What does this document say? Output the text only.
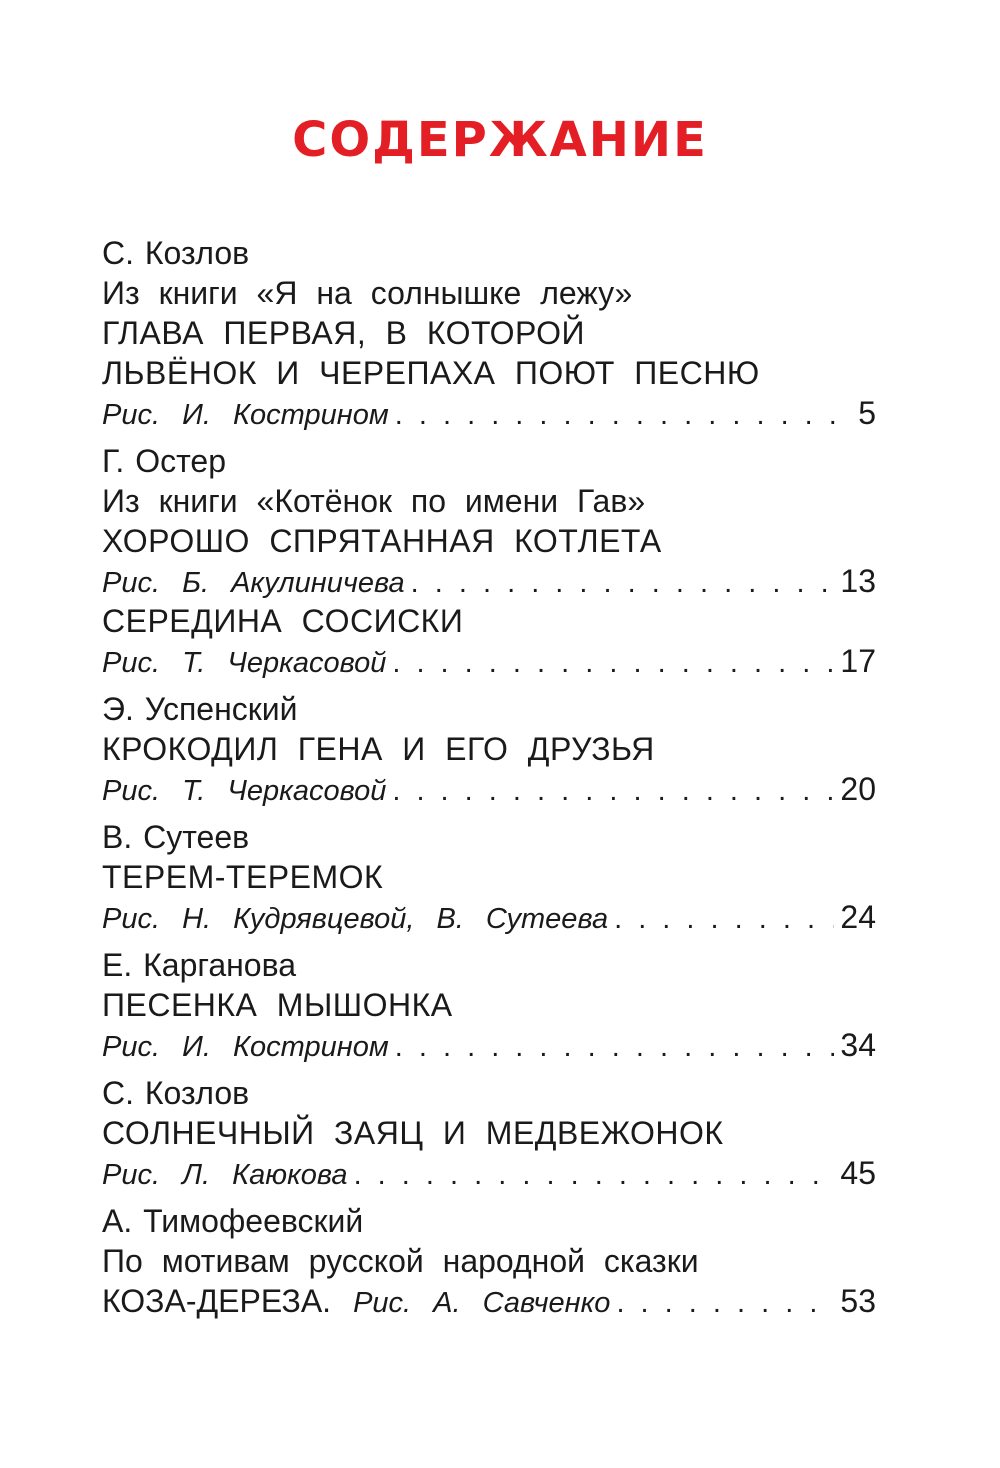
СОДЕРЖАНИЕ
С. Козлов
Из книги «Я на солнышке лежу»
ГЛАВА ПЕРВАЯ, В КОТОРОЙ
ЛЬВЁНОК И ЧЕРЕПАХА ПОЮТ ПЕСНЮ
Рис. И. Кострином . . .	5
Г. Остер
Из книги «Котёнок по имени Гав»
ХОРОШО СПРЯТАННАЯ КОТЛЕТА
Рис. Б. Акулиничева . . .	13
СЕРЕДИНА СОСИСКИ
Рис. Т. Черкасовой . . .	17
Э. Успенский
КРОКОДИЛ ГЕНА И ЕГО ДРУЗЬЯ
Рис. Т. Черкасовой . . .	20
В. Сутеев
ТЕРЕМ-ТЕРЕМОК
Рис. Н. Кудрявцевой, В. Сутеева . . .	24
Е. Карганова
ПЕСЕНКА МЫШОНКА
Рис. И. Кострином . . .	34
С. Козлов
СОЛНЕЧНЫЙ ЗАЯЦ И МЕДВЕЖОНОК
Рис. Л. Каюкова . . .	45
А. Тимофеевский
По мотивам русской народной сказки
КОЗА-ДЕРЕЗА. Рис. А. Савченко . . .	53
